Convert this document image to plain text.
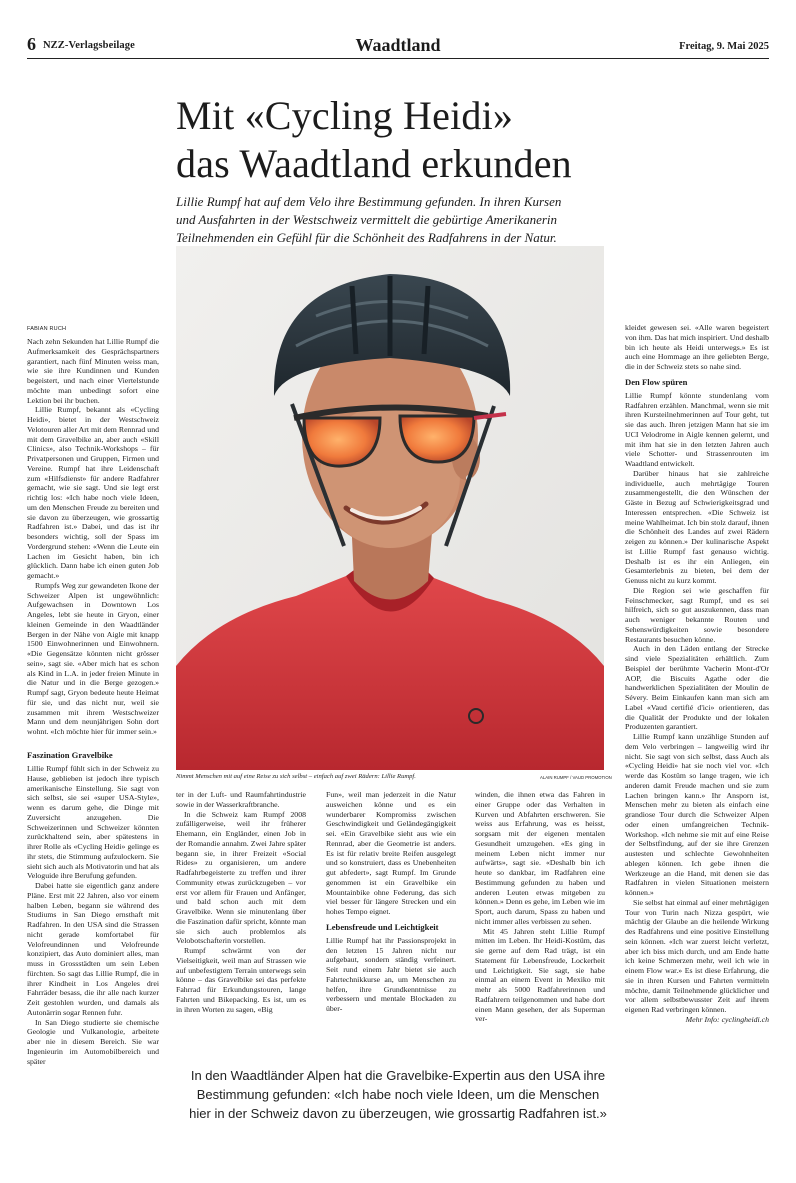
6 NZZ-Verlagsbeilage	Waadtland	Freitag, 9. Mai 2025
Mit «Cycling Heidi»
das Waadtland erkunden
Lillie Rumpf hat auf dem Velo ihre Bestimmung gefunden. In ihren Kursen
und Ausfahrten in der Westschweiz vermittelt die gebürtige Amerikanerin
Teilnehmenden ein Gefühl für die Schönheit des Radfahrens in der Natur.
Nimmt Menschen mit auf eine Reise zu sich selbst – einfach auf zwei Rädern: Lillie Rumpf.	ALAIN RUMPF / VAUD PROMOTION
FABIAN RUCH

Nach zehn Sekunden hat Lillie Rumpf die Aufmerksamkeit des Gesprächspartners garantiert, nach fünf Minuten weiss man, wie sie ihre Kundinnen und Kunden begeistert, und nach einer Viertelstunde möchte man unbedingt sofort eine Lektion bei ihr buchen.

Lillie Rumpf, bekannt als «Cycling Heidi», bietet in der Westschweiz Velotouren aller Art mit dem Rennrad und mit dem Gravelbike an, aber auch «Skill Clinics», also Technik-Workshops – für Privatpersonen und Gruppen, Firmen und Vereine. Rumpf hat ihre Leidenschaft zum «Hilfsdienst» für andere Radfahrer gemacht, wie sie sagt. Und sie legt erst richtig los: «Ich habe noch viele Ideen, um den Menschen Freude zu bereiten und sie davon zu überzeugen, wie grossartig Radfahren ist.» Dabei, und das ist ihr besonders wichtig, soll der Spass im Vordergrund stehen: «Wenn die Leute ein Lachen im Gesicht haben, bin ich glücklich. Dann habe ich einen guten Job gemacht.»

Rumpfs Weg zur gewandeten Ikone der Schweizer Alpen ist ungewöhnlich: Aufgewachsen in Downtown Los Angeles, lebt sie heute in Gryon, einer kleinen Gemeinde in den Waadtländer Bergen in der Nähe von Aigle mit knapp 1500 Einwohnerinnen und Einwohnern. «Die Gegensätze könnten nicht grösser sein», sagt sie. «Aber mich hat es schon als Kind in L.A. in jeder freien Minute in die Natur und in die Berge gezogen.» Rumpf sagt, Gryon bedeute heute Heimat für sie, und das nicht nur, weil sie zusammen mit ihrem Westschweizer Mann und dem neunjährigen Sohn dort wohnt. «Ich möchte hier für immer sein.»

Faszination Gravelbike

Lillie Rumpf fühlt sich in der Schweiz zu Hause, geblieben ist jedoch ihre typisch amerikanische Einstellung. Sie sagt von sich selbst, sie sei «super USA-Style», wenn es darum gehe, die Dinge mit Zuversicht anzugehen. Die Schweizerinnen und Schweizer könnten zurückhaltend sein, aber spätestens in ihrer Rolle als «Cycling Heidi» gelinge es ihr stets, die Stimmung aufzulockern. Sie sieht sich auch als Motivatorin und hat als Veloguide ihre Berufung gefunden.

Dabei hatte sie eigentlich ganz andere Pläne. Erst mit 22 Jahren, also vor einem halben Leben, begann sie während des Studiums in San Diego ernsthaft mit Radfahren. In den USA sind die Strassen nicht gerade komfortabel für Velofreundinnen und Velofreunde konzipiert, das Auto dominiert alles, man muss in Grossstädten um sein Leben fürchten. So sagt das Lillie Rumpf, die in ihrer Kindheit in Los Angeles drei Fahrräder besass, die ihr alle nach kurzer Zeit gestohlen wurden, und damals als Autonärrin sogar Rennen fuhr.

In San Diego studierte sie chemische Geologie und Vulkanologie, arbeitete aber nie in diesem Bereich. Sie war Ingenieurin im Automobilbereich und später

ter in der Luft- und Raumfahrtindustrie sowie in der Wasserkraftbranche.

In die Schweiz kam Rumpf 2008 zufälligerweise, weil ihr früherer Ehemann, ein Engländer, einen Job in der Romandie annahm. Zwei Jahre später begann sie, in ihrer Freizeit «Social Rides» zu organisieren, um andere Radfahrbegeisterte zu treffen und ihrer Community etwas zurückzugeben – vor erst vor allem für Frauen und Anfänger, und bald schon auch mit dem Gravelbike. Wenn sie minutenlang über die Faszination dafür spricht, könnte man sie sich auch problemlos als Velobotschafterin vorstellen.

Rumpf schwärmt von der Vielseitigkeit, weil man auf Strassen wie auf unbefestigtem Terrain unterwegs sein könne – das Gravelbike sei das perfekte Fahrrad für Erkundungstouren, lange Fahrten und Bikepacking. Es ist, um es in ihren Worten zu sagen, «Big

Fun», weil man jederzeit in die Natur ausweichen könne und es ein wunderbarer Kompromiss zwischen Geschwindigkeit und Geländegängigkeit sei. «Ein Gravelbike sieht aus wie ein Rennrad, aber die Geometrie ist anders. Es ist für relativ breite Reifen ausgelegt und so konstruiert, dass es Unebenheiten gut abfedert», sagt Rumpf. Im Grunde genommen ist ein Gravelbike ein Mountainbike ohne Federung, das sich viel besser für längere Strecken und ein hohes Tempo eignet.

Lebensfreude und Leichtigkeit

Lillie Rumpf hat ihr Passionsprojekt in den letzten 15 Jahren nicht nur aufgebaut, sondern ständig verfeinert. Seit rund einem Jahr bietet sie auch Fahrtechnikkurse an, um Menschen zu helfen, ihre Grundkenntnisse zu verbessern und mentale Blockaden zu über-

winden, die ihnen etwa das Fahren in einer Gruppe oder das Verhalten in Kurven und Abfahrten erschweren. Sie weiss aus Erfahrung, was es heisst, sorgsam mit der eigenen mentalen Gesundheit umzugehen. «Es ging in meinem Leben nicht immer nur aufwärts», sagt sie. «Deshalb bin ich heute so dankbar, im Radfahren eine Bestimmung gefunden zu haben und anderen Leuten etwas mitgeben zu können.» Denn es gehe, im Leben wie im Sport, auch darum, Spass zu haben und nicht immer alles verbissen zu sehen.

Mit 45 Jahren steht Lillie Rumpf mitten im Leben. Ihr Heidi-Kostüm, das sie gerne auf dem Rad trägt, ist ein Statement für Lebensfreude, Lockerheit und Leichtigkeit. Sie sagt, sie habe einmal an einem Event in Mexiko mit mehr als 5000 Radfahrerinnen und Radfahrern teilgenommen und habe dort einen Mann gesehen, der als Superman ver-

kleidet gewesen sei. «Alle waren begeistert von ihm. Das hat mich inspiriert. Und deshalb bin ich heute als Heidi unterwegs.» Es ist auch eine Hommage an ihre geliebten Berge, die in der Schweiz stets so nahe sind.

Den Flow spüren

Lillie Rumpf könnte stundenlang vom Radfahren erzählen. Manchmal, wenn sie mit ihren Kursteilnehmerinnen auf Tour geht, tut sie das auch. Ihren jetzigen Mann hat sie im UCI Velodrome in Aigle kennen gelernt, und mit ihm hat sie in den letzten Jahren auch viele Schotter- und Strassenrouten im Waadtland entwickelt.

Darüber hinaus hat sie zahlreiche individuelle, auch mehrtägige Touren zusammengestellt, die den Wünschen der Gäste in Bezug auf Schwierigkeitsgrad und Interessen entsprechen. «Die Schweiz ist meine Wahlheimat. Ich bin stolz darauf, ihnen die Schönheit des Landes auf zwei Rädern zeigen zu können.» Der kulinarische Aspekt ist Lillie Rumpf fast genauso wichtig. Deshalb ist es ihr ein Anliegen, ein Gesamterlebnis zu bieten, bei dem der Genuss nicht zu kurz kommt.

Die Region sei wie geschaffen für Feinschmecker, sagt Rumpf, und es sei hilfreich, sich so gut auszukennen, dass man auch weniger bekannte Routen und Sehenswürdigkeiten sowie besondere Restaurants besuchen könne.

Auch in den Läden entlang der Strecke sind viele Spezialitäten erhältlich. Zum Beispiel der berühmte Vacherin Mont-d'Or AOP, die Biscuits Agathe oder die handwerklichen Spezialitäten der Moulin de Sévery. Beim Einkaufen kann man sich am Label «Vaud certifié d'ici» orientieren, das die Qualität der Produkte und der lokalen Produzenten garantiert.

Lillie Rumpf kann unzählige Stunden auf dem Velo verbringen – langweilig wird ihr nicht. Sie sagt von sich selbst, dass Auch als «Cycling Heidi» hat sie noch viel vor. «Ich werde das Kostüm so lange tragen, wie ich anderen damit Freude machen und sie zum Lachen bringen kann.» Ihr Ansporn ist, Menschen mehr zu bieten als einfach eine grandiose Tour durch die Schweizer Alpen oder einen umfangreichen Technik-Workshop. «Ich nehme sie mit auf eine Reise der Selbstfindung, auf der sie ihre Grenzen austesten und schlechte Gewohnheiten ablegen können. Ich gebe ihnen die Werkzeuge an die Hand, mit denen sie das Radfahren in vielen Situationen meistern können.»

Sie selbst hat einmal auf einer mehrtägigen Tour von Turin nach Nizza gespürt, wie mächtig der Glaube an die heilende Wirkung des Radfahrens und eine positive Einstellung sein können. «Ich war zuerst leicht verletzt, aber ich biss mich durch, und am Ende hatte ich keine Schmerzen mehr, weil ich wie in einem Flow war.» Es ist diese Erfahrung, die sie in ihren Kursen und Fahrten vermitteln möchte, damit Teilnehmende glücklicher und vor allem selbstbewusster Zeit auf ihrem eigenen Rad verbringen können.

Mehr Info: cyclingheidi.ch

In den Waadtländer Alpen hat die Gravelbike-Expertin aus den USA ihre
Bestimmung gefunden: «Ich habe noch viele Ideen, um die Menschen
hier in der Schweiz davon zu überzeugen, wie grossartig Radfahren ist.»
